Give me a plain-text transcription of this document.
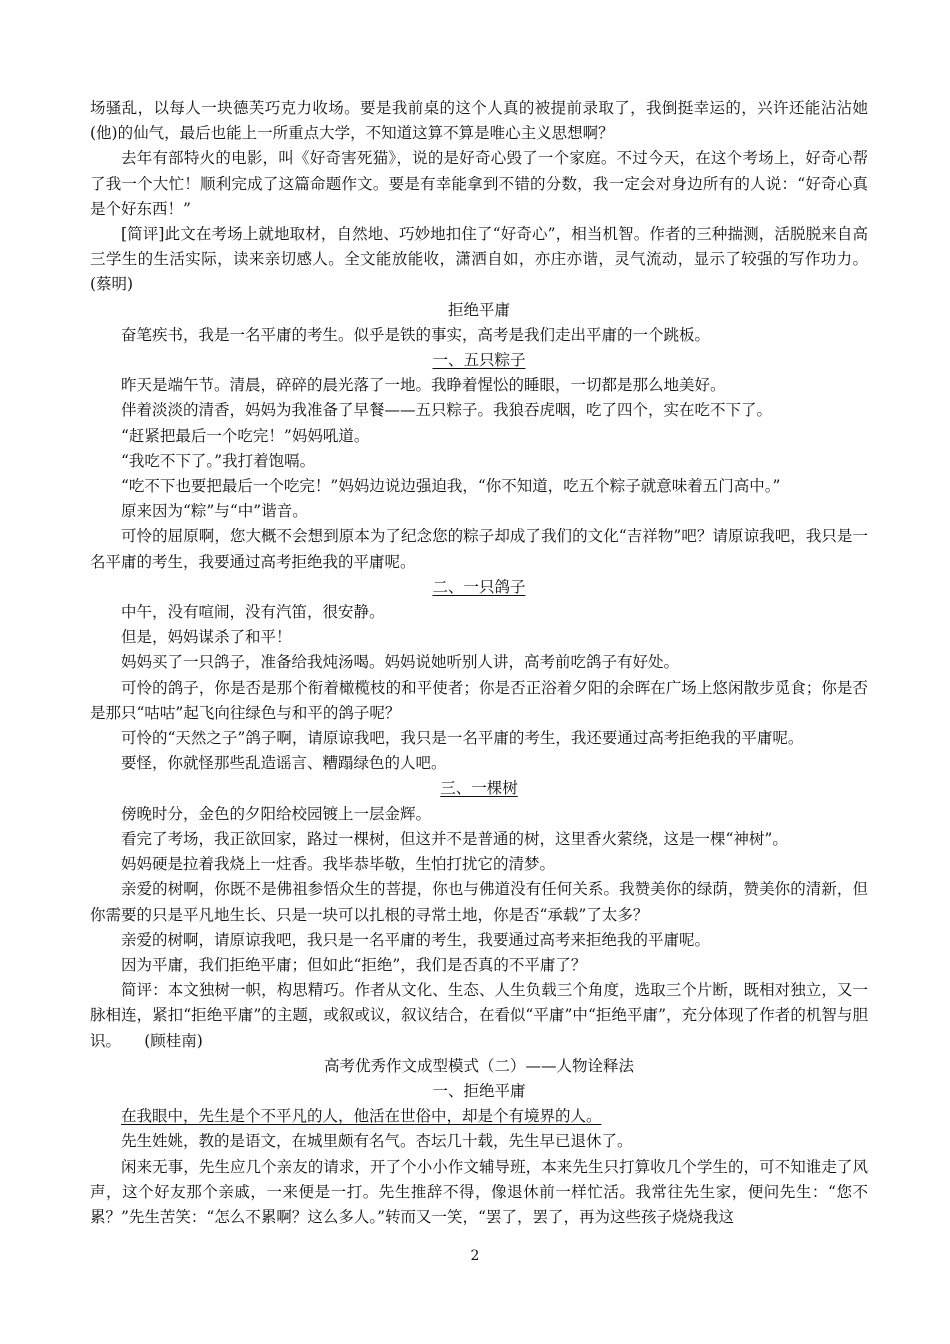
场骚乱，以每人一块德芙巧克力收场。要是我前桌的这个人真的被提前录取了，我倒挺幸运的，兴许还能沾沾她(他)的仙气，最后也能上一所重点大学，不知道这算不算是唯心主义思想啊？

去年有部特火的电影，叫《好奇害死猫》，说的是好奇心毁了一个家庭。不过今天，在这个考场上，好奇心帮了我一个大忙！顺利完成了这篇命题作文。要是有幸能拿到不错的分数，我一定会对身边所有的人说：“好奇心真是个好东西！”

[简评]此文在考场上就地取材，自然地、巧妙地扣住了“好奇心”，相当机智。作者的三种揣测，活脱脱来自高三学生的生活实际，读来亲切感人。全文能放能收，潇洒自如，亦庄亦谐，灵气流动，显示了较强的写作功力。(蔡明)

拒绝平庸

奋笔疾书，我是一名平庸的考生。似乎是铁的事实，高考是我们走出平庸的一个跳板。

一、五只粽子

昨天是端午节。清晨，碎碎的晨光落了一地。我睁着惺忪的睡眼，一切都是那么地美好。

伴着淡淡的清香，妈妈为我准备了早餐——五只粽子。我狼吞虎咽，吃了四个，实在吃不下了。

“赶紧把最后一个吃完！”妈妈吼道。

“我吃不下了。”我打着饱嗝。

“吃不下也要把最后一个吃完！”妈妈边说边强迫我，“你不知道，吃五个粽子就意味着五门高中。”

原来因为“粽”与“中”谐音。

可怜的屈原啊，您大概不会想到原本为了纪念您的粽子却成了我们的文化“吉祥物”吧？请原谅我吧，我只是一名平庸的考生，我要通过高考拒绝我的平庸呢。

二、一只鸽子

中午，没有喧闹，没有汽笛，很安静。

但是，妈妈谋杀了和平！

妈妈买了一只鸽子，准备给我炖汤喝。妈妈说她听别人讲，高考前吃鸽子有好处。

可怜的鸽子，你是否是那个衔着橄榄枝的和平使者；你是否正浴着夕阳的余晖在广场上悠闲散步觅食；你是否是那只“咕咕”起飞向往绿色与和平的鸽子呢？

可怜的“天然之子”鸽子啊，请原谅我吧，我只是一名平庸的考生，我还要通过高考拒绝我的平庸呢。

要怪，你就怪那些乱造谣言、糟蹋绿色的人吧。

三、一棵树

傍晚时分，金色的夕阳给校园镀上一层金辉。

看完了考场，我正欲回家，路过一棵树，但这并不是普通的树，这里香火萦绕，这是一棵“神树”。

妈妈硬是拉着我烧上一炷香。我毕恭毕敬，生怕打扰它的清梦。

亲爱的树啊，你既不是佛祖参悟众生的菩提，你也与佛道没有任何关系。我赞美你的绿荫，赞美你的清新，但你需要的只是平凡地生长、只是一块可以扎根的寻常土地，你是否“承载”了太多？

亲爱的树啊，请原谅我吧，我只是一名平庸的考生，我要通过高考来拒绝我的平庸呢。

因为平庸，我们拒绝平庸；但如此“拒绝”，我们是否真的不平庸了？

简评：本文独树一帜，构思精巧。作者从文化、生态、人生负载三个角度，选取三个片断，既相对独立，又一脉相连，紧扣“拒绝平庸”的主题，或叙或议，叙议结合，在看似“平庸”中“拒绝平庸”，充分体现了作者的机智与胆识。　　(顾桂南)

高考优秀作文成型模式（二）——人物诠释法

一、拒绝平庸

在我眼中，先生是个不平凡的人，他活在世俗中，却是个有境界的人。

先生姓姚，教的是语文，在城里颇有名气。杏坛几十载，先生早已退休了。

闲来无事，先生应几个亲友的请求，开了个小小作文辅导班，本来先生只打算收几个学生的，可不知谁走了风声，这个好友那个亲戚，一来便是一打。先生推辞不得，像退休前一样忙活。我常往先生家，便问先生：“您不累？”先生苦笑：“怎么不累啊？这么多人。”转而又一笑，“罢了，罢了，再为这些孩子烧烧我这

2
